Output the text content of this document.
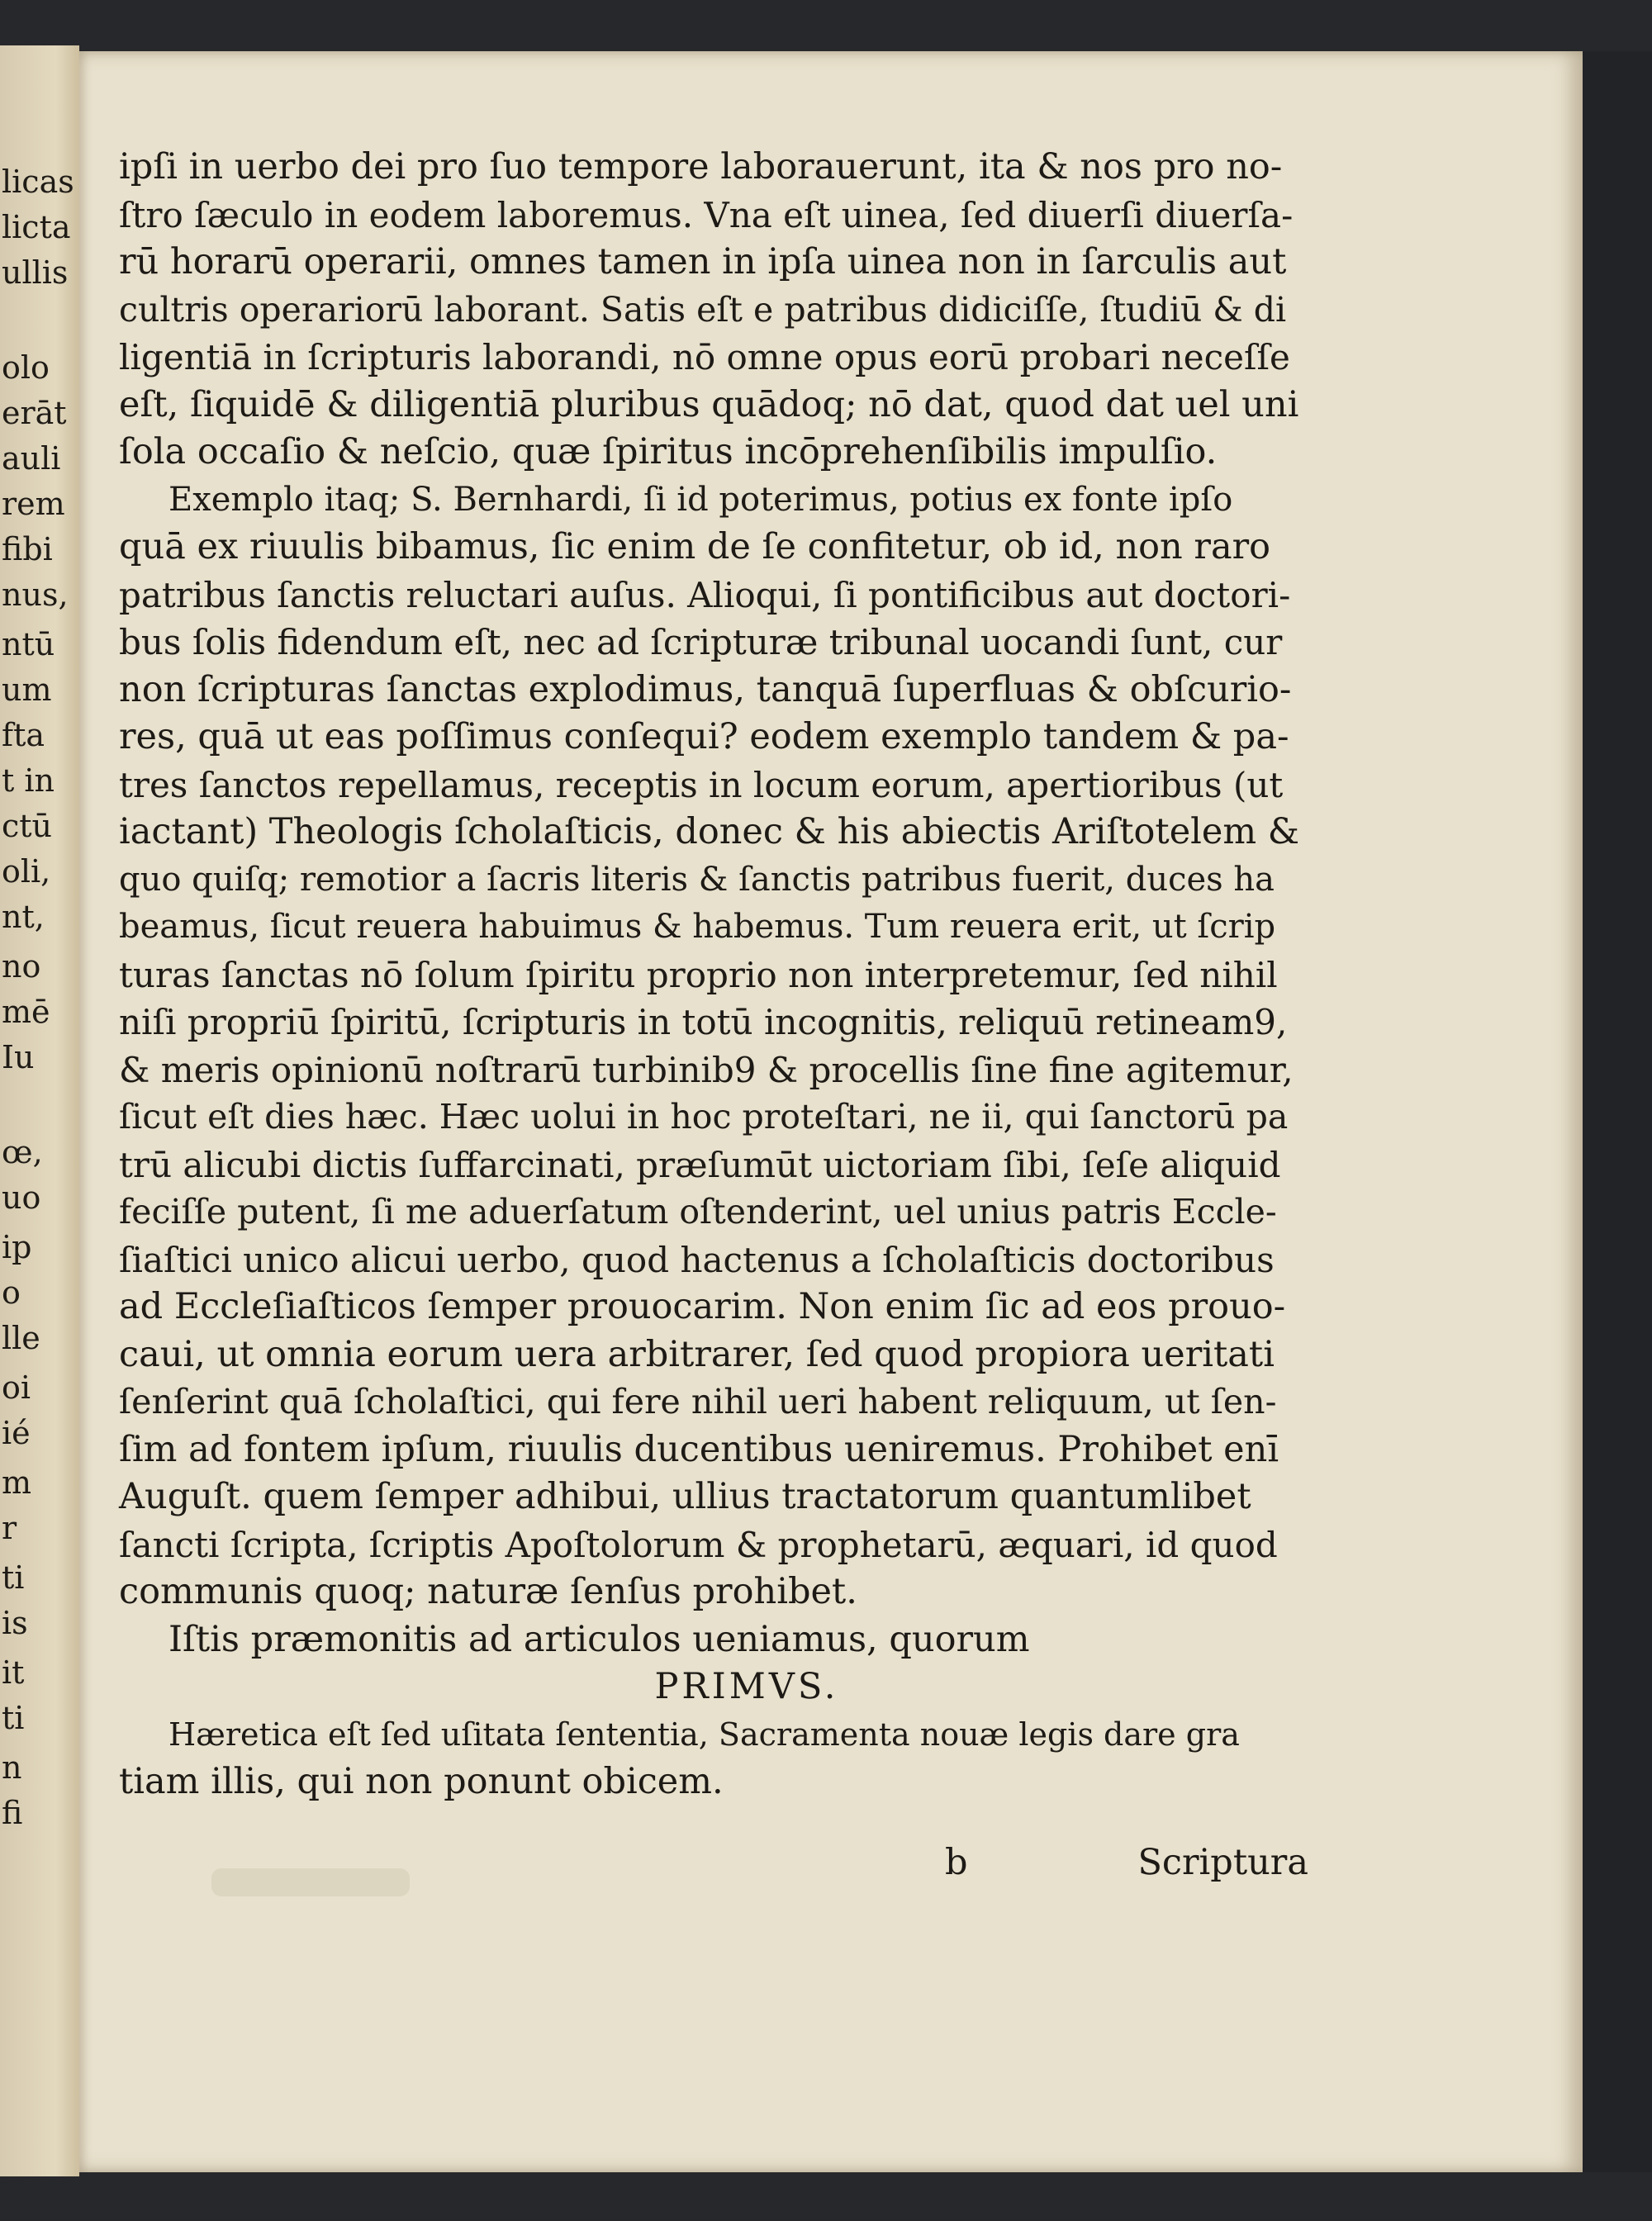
licas
licta
ullis
olo
erāt
auli
rem
fibi
nus,
ntū
um
fta
t in
ctū
oli,
nt,
no
mē
Iu
œ,
uo
ip
o
lle
oi
ié
m
r
ti
is
it
ti
n
fi
ipſi in uerbo dei pro ſuo tempore laborauerunt, ita & nos pro no-
ſtro ſæculo in eodem laboremus. Vna eſt uinea, ſed diuerſi diuerſa-
rū horarū operarii, omnes tamen in ipſa uinea non in ſarculis aut
cultris operariorū laborant. Satis eſt e patribus didiciſſe, ſtudiū & di
ligentiā in ſcripturis laborandi, nō omne opus eorū probari neceſſe
eſt, ſiquidē & diligentiā pluribus quādoq; nō dat, quod dat uel uni
ſola occaſio & neſcio, quæ ſpiritus incōprehenſibilis impulſio.
Exemplo itaq; S. Bernhardi, ſi id poterimus, potius ex fonte ipſo
quā ex riuulis bibamus, ſic enim de ſe confitetur, ob id, non raro
patribus ſanctis reluctari auſus. Alioqui, ſi pontificibus aut doctori-
bus ſolis fidendum eſt, nec ad ſcripturæ tribunal uocandi ſunt, cur
non ſcripturas ſanctas explodimus, tanquā ſuperfluas & obſcurio-
res, quā ut eas poſſimus conſequi? eodem exemplo tandem & pa-
tres ſanctos repellamus, receptis in locum eorum, apertioribus (ut
iactant) Theologis ſcholaſticis, donec & his abiectis Ariſtotelem &
quo quiſq; remotior a ſacris literis & ſanctis patribus fuerit, duces ha
beamus, ſicut reuera habuimus & habemus. Tum reuera erit, ut ſcrip
turas ſanctas nō ſolum ſpiritu proprio non interpretemur, ſed nihil
niſi propriū ſpiritū, ſcripturis in totū incognitis, reliquū retineam9,
& meris opinionū noſtrarū turbinib9 & procellis ſine fine agitemur,
ſicut eſt dies hæc. Hæc uolui in hoc proteſtari, ne ii, qui ſanctorū pa
trū alicubi dictis ſuffarcinati, præſumūt uictoriam ſibi, ſeſe aliquid
feciſſe putent, ſi me aduerſatum oſtenderint, uel unius patris Eccle-
ſiaſtici unico alicui uerbo, quod hactenus a ſcholaſticis doctoribus
ad Eccleſiaſticos ſemper prouocarim. Non enim ſic ad eos prouo-
caui, ut omnia eorum uera arbitrarer, ſed quod propiora ueritati
ſenſerint quā ſcholaſtici, qui fere nihil ueri habent reliquum, ut ſen-
ſim ad fontem ipſum, riuulis ducentibus ueniremus. Prohibet enī
Auguſt. quem ſemper adhibui, ullius tractatorum quantumlibet
ſancti ſcripta, ſcriptis Apoſtolorum & prophetarū, æquari, id quod
communis quoq; naturæ ſenſus prohibet.
Iſtis præmonitis ad articulos ueniamus, quorum
PRIMVS.
Hæretica eſt ſed uſitata ſententia, Sacramenta nouæ legis dare gra
tiam illis, qui non ponunt obicem.
b	Scriptura
